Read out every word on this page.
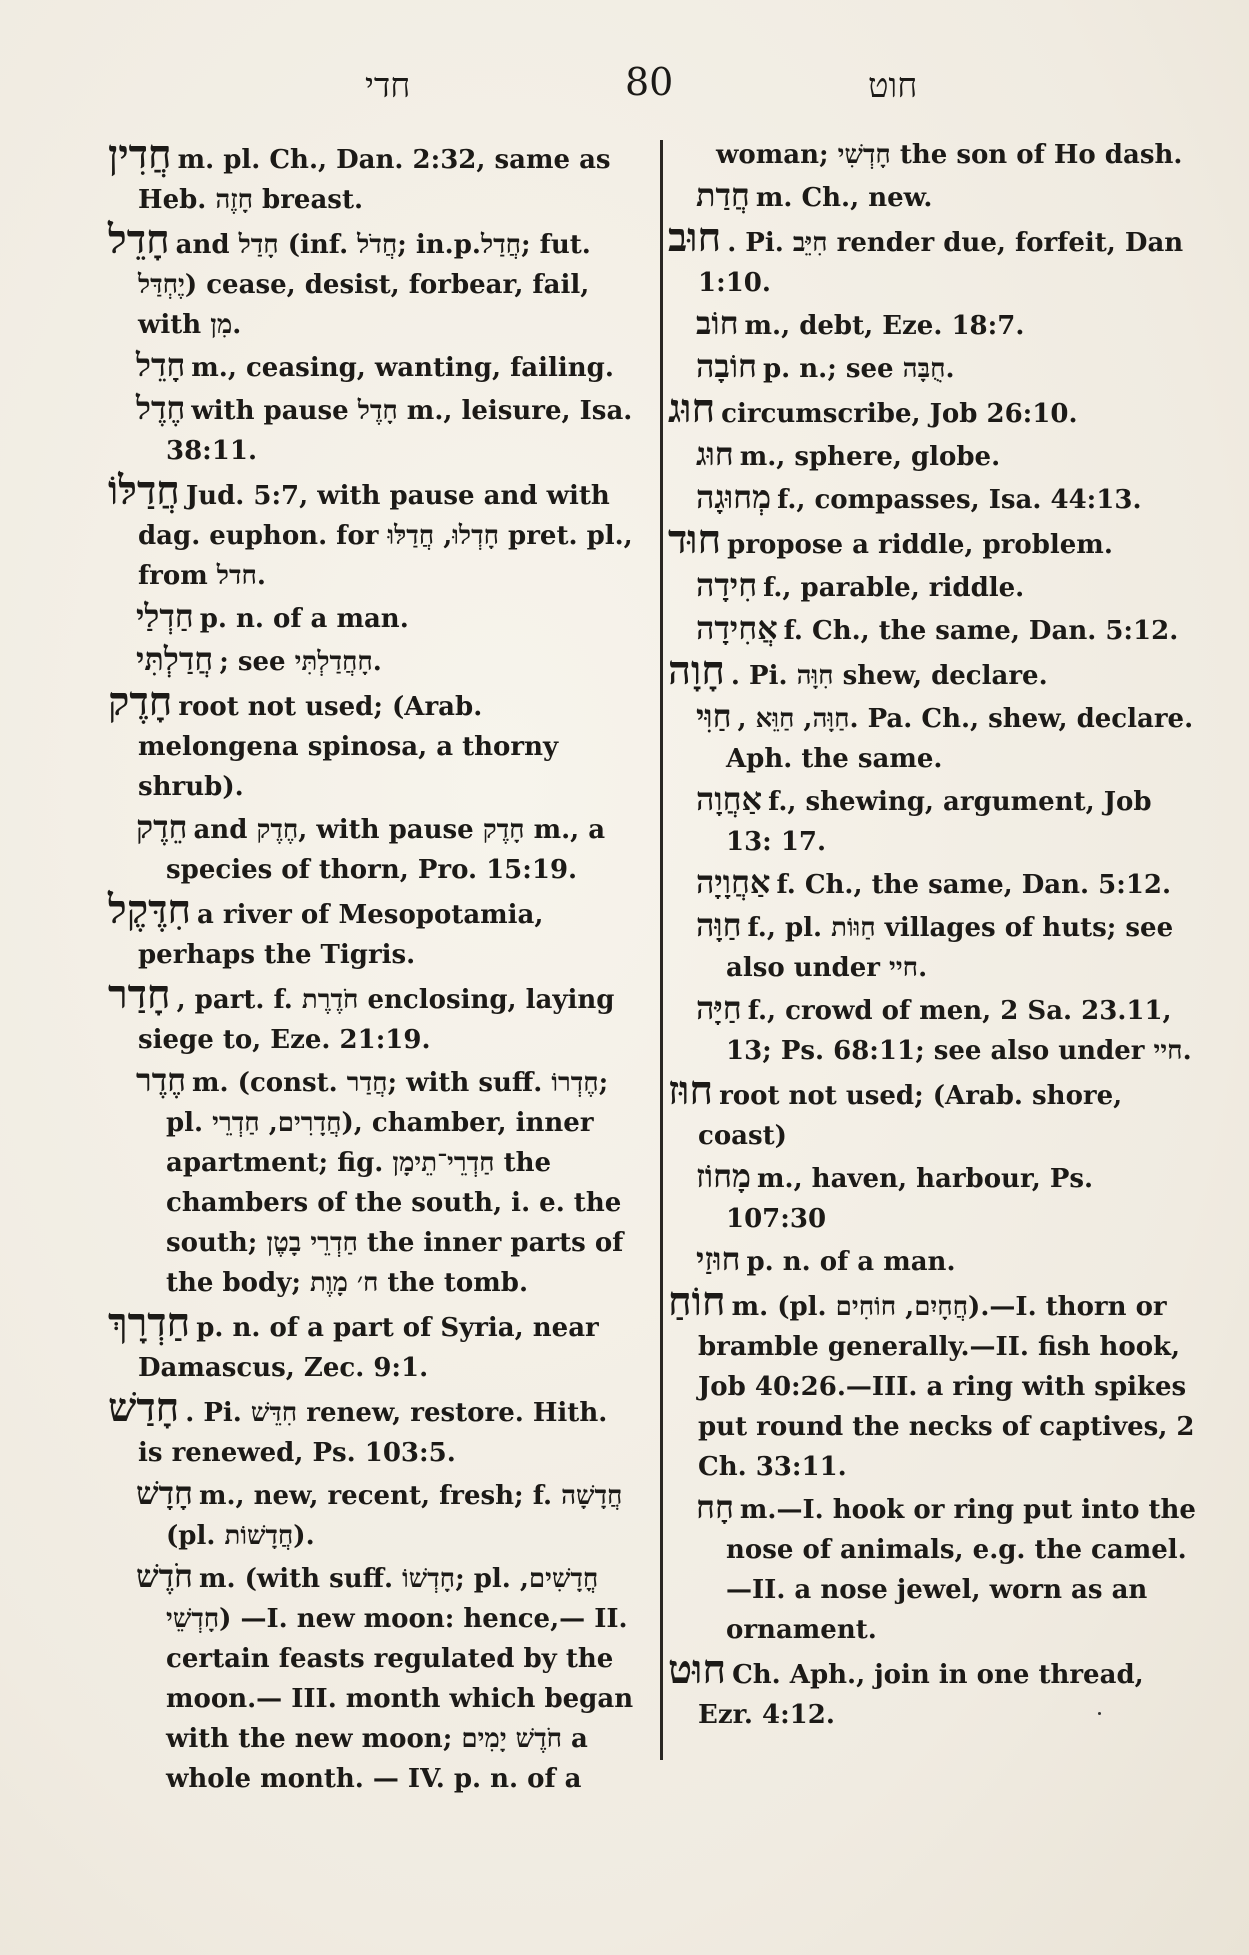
חדי	80	חוט
חֲדִין m. pl. Ch., Dan. 2:32, same as Heb. חָזֶה breast.
חָדֵל and חָדַל (inf. חֲדֹל; in.p.חֲדַל; fut. יֶחְדַּל) cease, desist, forbear, fail, with מִן.
חָדֵל m., ceasing, wanting, failing.
חֶדֶל with pause חָדֶל m., leisure, Isa. 38:11.
חֲדַלּוֹ Jud. 5:7, with pause and with dag. euphon. for חָדְלוּ, חֲדַלּוּ pret. pl., from חדל.
חַדְלַי p. n. of a man.
חֲדַלְתִּי ; see חָחֲדַלְתִּי.
חָדֶק root not used; (Arab. melongena spinosa, a thorny shrub).
חֵדֶק and חֶדֶק, with pause חָדֶק m., a species of thorn, Pro. 15:19.
חִדֶּקֶל a river of Mesopotamia, perhaps the Tigris.
חָדַר , part. f. חֹדֶרֶת enclosing, laying siege to, Eze. 21:19.
חֶדֶר m. (const. חֲדַר; with suff. חֶדְרוֹ; pl. חֲדָרִים, חַדְרֵי), chamber, inner apartment; fig. חַדְרֵי־תֵימָן the chambers of the south, i. e. the south; חַדְרֵי בָטֶן the inner parts of the body; ח׳ מָוֶת the tomb.
חַדְרָךְ p. n. of a part of Syria, near Damascus, Zec. 9:1.
חָדַשׁ . Pi. חִדֵּשׁ renew, restore. Hith. is renewed, Ps. 103:5.
חָדָשׁ m., new, recent, fresh; f. חֲדָשָׁה (pl. חֲדָשׁוֹת).
חֹדֶשׁ m. (with suff. חָדְשׁוֹ; pl. חֳדָשִׁים, חָדְשֵׁי) —I. new moon: hence,— II. certain feasts regulated by the moon.— III. month which began with the new moon; חֹדֶשׁ יָמִים a whole month. — IV. p. n. of a
woman; חָדְשִׁי the son of Ho dash.
חֲדַת m. Ch., new.
חוּב . Pi. חִיֵּב render due, forfeit, Dan 1:10.
חוֹב m., debt, Eze. 18:7.
חוֹבָה p. n.; see חֻבָּה.
חוּג circumscribe, Job 26:10.
חוּג m., sphere, globe.
מְחוּגָה f., compasses, Isa. 44:13.
חוּד propose a riddle, problem.
חִידָה f., parable, riddle.
אֲחִידָה f. Ch., the same, Dan. 5:12.
חָוָה . Pi. חִוָּה shew, declare.
חַוִּי , חַוָּה, חַוֵּא. Pa. Ch., shew, declare. Aph. the same.
אַחֲוָה f., shewing, argument, Job 13: 17.
אַחֲוָיָה f. Ch., the same, Dan. 5:12.
חַוָּה f., pl. חַוּוֹת villages of huts; see also under חיי.
חַיָּה f., crowd of men, 2 Sa. 23.11, 13; Ps. 68:11; see also under חיי.
חוּז root not used; (Arab. shore, coast)
מָחוֹז m., haven, harbour, Ps. 107:30
חוּזַי p. n. of a man.
חוֹחַ m. (pl. חֲחָיִם, חוֹחִים).—I. thorn or bramble generally.—II. fish hook, Job 40:26.—III. a ring with spikes put round the necks of captives, 2 Ch. 33:11.
חָח m.—I. hook or ring put into the nose of animals, e.g. the camel. —II. a nose jewel, worn as an ornament.
חוּט Ch. Aph., join in one thread, Ezr. 4:12.
